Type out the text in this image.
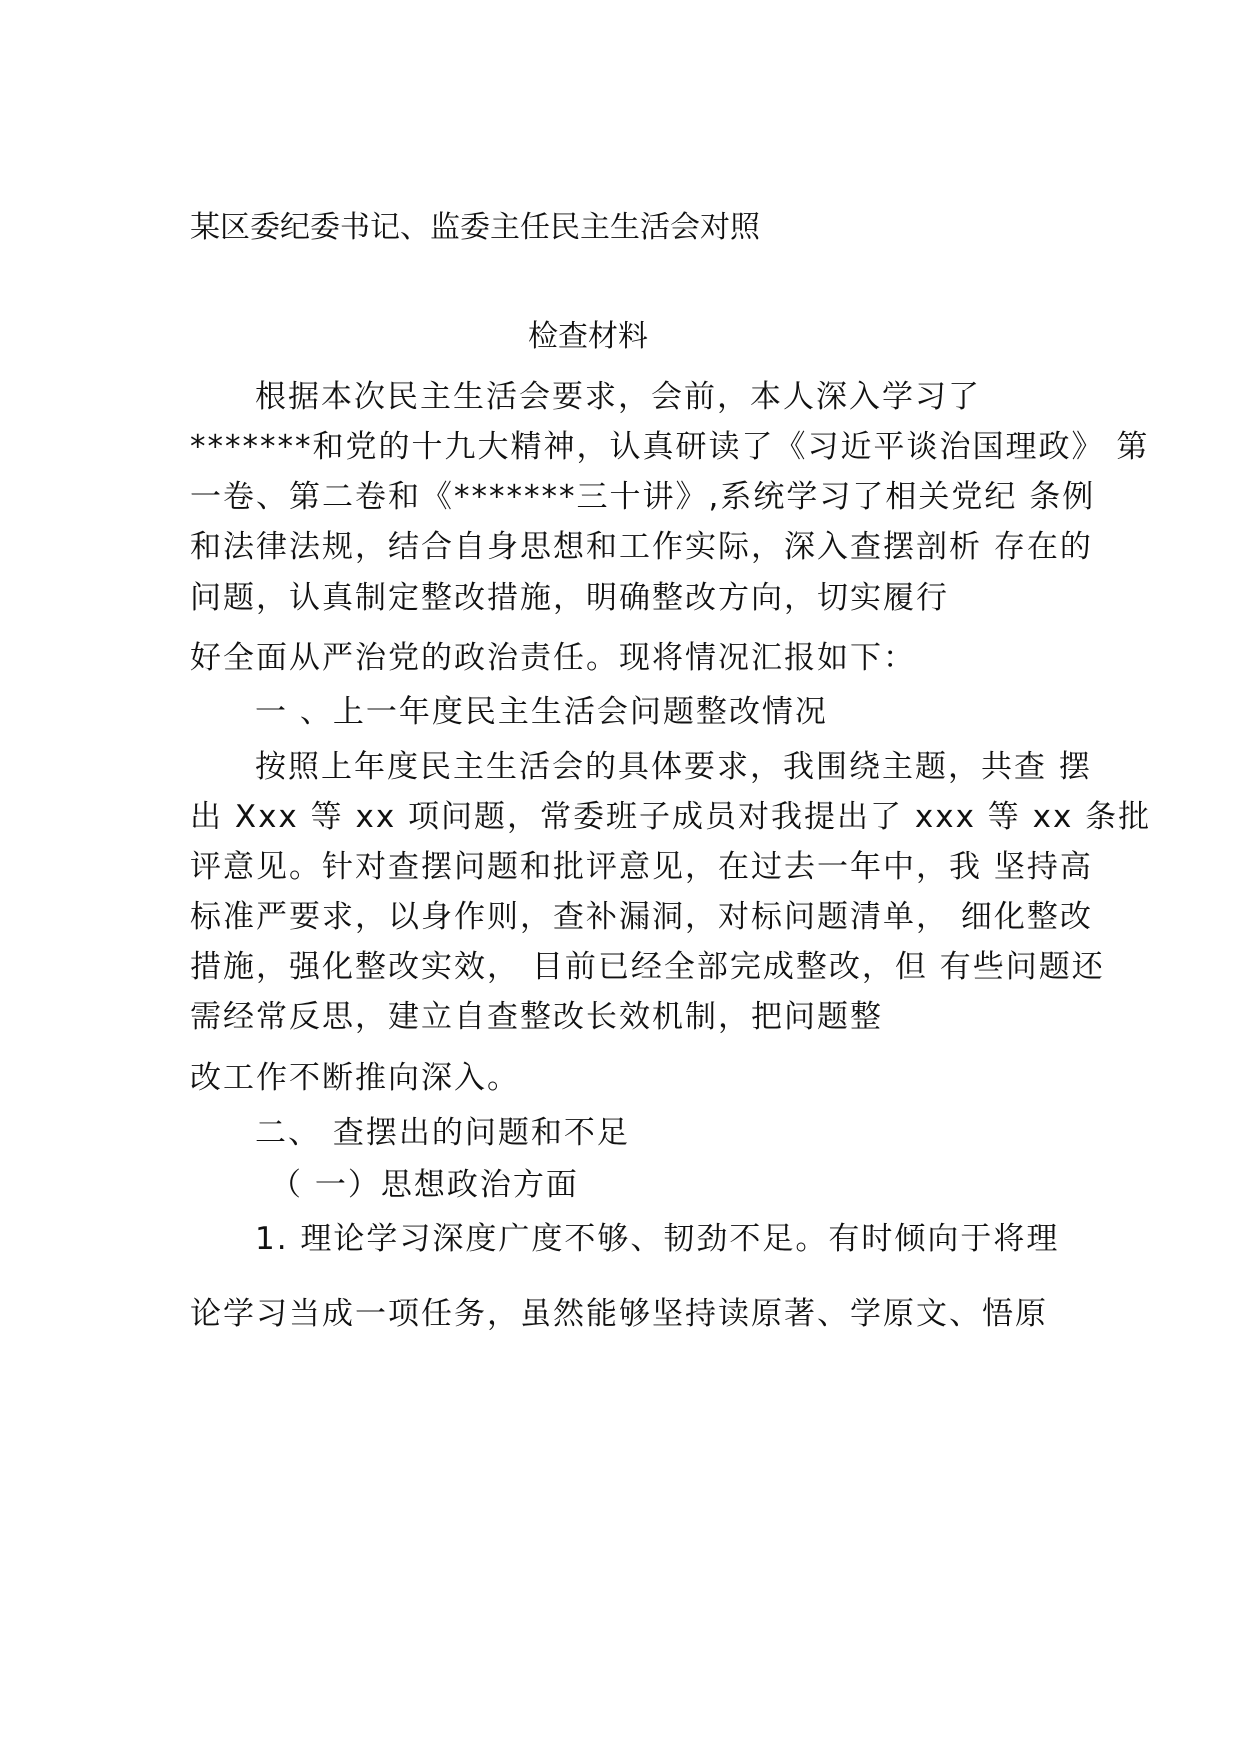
某区委纪委书记、监委主任民主生活会对照
检查材料
根据本次民主生活会要求，会前，本人深入学习了
*******和党的十九大精神，认真研读了《习近平谈治国理政》 第
一卷、第二卷和《*******三十讲》,系统学习了相关党纪 条例
和法律法规，结合自身思想和工作实际，深入查摆剖析 存在的
问题，认真制定整改措施，明确整改方向，切实履行
好全面从严治党的政治责任。现将情况汇报如下：
一 、上一年度民主生活会问题整改情况
按照上年度民主生活会的具体要求，我围绕主题，共查 摆
出 Xxx 等 xx 项问题，常委班子成员对我提出了 xxx 等 xx 条批
评意见。针对查摆问题和批评意见，在过去一年中，我 坚持高
标准严要求，以身作则，查补漏洞，对标问题清单， 细化整改
措施，强化整改实效， 目前已经全部完成整改，但 有些问题还
需经常反思，建立自查整改长效机制，把问题整
改工作不断推向深入。
二、 查摆出的问题和不足
（ 一）思想政治方面
1. 理论学习深度广度不够、韧劲不足。有时倾向于将理
论学习当成一项任务，虽然能够坚持读原著、学原文、悟原
